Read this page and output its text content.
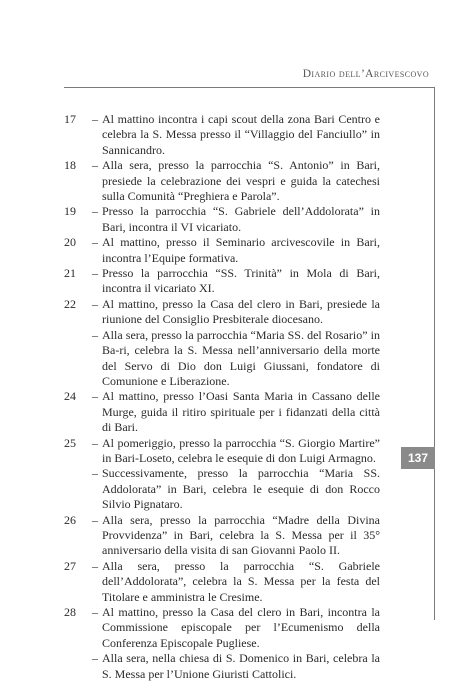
Diario dell’Arcivescovo
137
17	– Al mattino incontra i capi scout della zona Bari Centro e celebra la S. Messa presso il “Villaggio del Fanciullo” in Sannicandro.
18	– Alla sera, presso la parrocchia “S. Antonio” in Bari, presiede la celebrazione dei vespri e guida la catechesi sulla Comunità “Preghiera e Parola”.
19	– Presso la parrocchia “S. Gabriele dell’Addolorata” in Bari, incontra il VI vicariato.
20	– Al mattino, presso il Seminario arcivescovile in Bari, incontra l’Equipe formativa.
21	– Presso la parrocchia “SS. Trinità” in Mola di Bari, incontra il vicariato XI.
22	– Al mattino, presso la Casa del clero in Bari, presiede la riunione del Consiglio Presbiterale diocesano.
– Alla sera, presso la parrocchia “Maria SS. del Rosario” in Ba-ri, celebra la S. Messa nell’anniversario della morte del Servo di Dio don Luigi Giussani, fondatore di Comunione e Liberazione.
24	– Al mattino, presso l’Oasi Santa Maria in Cassano delle Murge, guida il ritiro spirituale per i fidanzati della città di Bari.
25	– Al pomeriggio, presso la parrocchia “S. Giorgio Martire” in Bari-Loseto, celebra le esequie di don Luigi Armagno.
– Successivamente, presso la parrocchia “Maria SS. Addolorata” in Bari, celebra le esequie di don Rocco Silvio Pignataro.
26	– Alla sera, presso la parrocchia “Madre della Divina Provvidenza” in Bari, celebra la S. Messa per il 35° anniversario della visita di san Giovanni Paolo II.
27	– Alla sera, presso la parrocchia “S. Gabriele dell’Addolorata”, celebra la S. Messa per la festa del Titolare e amministra le Cresime.
28	– Al mattino, presso la Casa del clero in Bari, incontra la Commissione episcopale per l’Ecumenismo della Conferenza Episcopale Pugliese.
– Alla sera, nella chiesa di S. Domenico in Bari, celebra la S. Messa per l’Unione Giuristi Cattolici.
